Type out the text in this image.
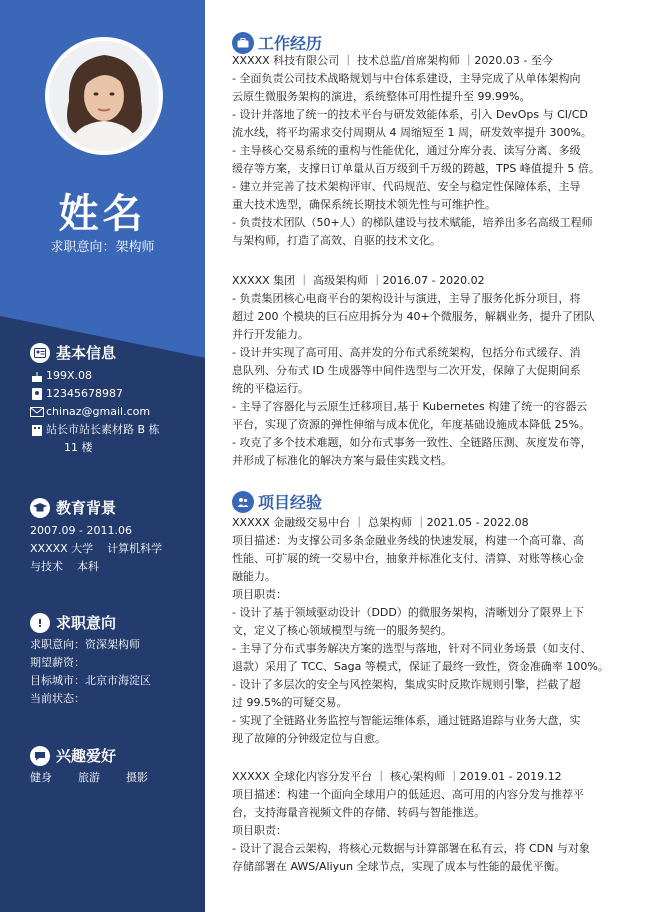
姓名
求职意向：架构师
基本信息
199X.08
12345678987
chinaz@gmail.com
站长市站长素材路 B 栋
11 楼
教育背景
2007.09 - 2011.06
XXXXX 大学    计算机科学
与技术    本科
求职意向
求职意向：资深架构师
期望薪资：
目标城市：北京市海淀区
当前状态：
兴趣爱好
健身 旅游 摄影
工作经历

XXXXX 科技有限公司 ｜ 技术总监/首席架构师 ｜2020.03 - 至今

- 全面负责公司技术战略规划与中台体系建设，主导完成了从单体架构向

云原生微服务架构的演进，系统整体可用性提升至 99.99%。

- 设计并落地了统一的技术平台与研发效能体系，引入 DevOps 与 CI/CD

流水线，将平均需求交付周期从 4 周缩短至 1 周，研发效率提升 300%。

- 主导核心交易系统的重构与性能优化，通过分库分表、读写分离、多级

缓存等方案，支撑日订单量从百万级到千万级的跨越，TPS 峰值提升 5 倍。

- 建立并完善了技术架构评审、代码规范、安全与稳定性保障体系，主导

重大技术选型，确保系统长期技术领先性与可维护性。

- 负责技术团队（50+人）的梯队建设与技术赋能，培养出多名高级工程师

与架构师，打造了高效、自驱的技术文化。

XXXXX 集团 ｜ 高级架构师 ｜2016.07 - 2020.02

- 负责集团核心电商平台的架构设计与演进，主导了服务化拆分项目，将

超过 200 个模块的巨石应用拆分为 40+个微服务，解耦业务，提升了团队

并行开发能力。

- 设计并实现了高可用、高并发的分布式系统架构，包括分布式缓存、消

息队列、分布式 ID 生成器等中间件选型与二次开发，保障了大促期间系

统的平稳运行。

- 主导了容器化与云原生迁移项目,基于 Kubernetes 构建了统一的容器云

平台，实现了资源的弹性伸缩与成本优化，年度基础设施成本降低 25%。

- 攻克了多个技术难题，如分布式事务一致性、全链路压测、灰度发布等，

并形成了标准化的解决方案与最佳实践文档。

项目经验

XXXXX 金融级交易中台 ｜ 总架构师 ｜2021.05 - 2022.08

项目描述：为支撑公司多条金融业务线的快速发展，构建一个高可靠、高

性能、可扩展的统一交易中台，抽象并标准化支付、清算、对账等核心金

融能力。

项目职责：

- 设计了基于领域驱动设计（DDD）的微服务架构，清晰划分了限界上下

文，定义了核心领域模型与统一的服务契约。

- 主导了分布式事务解决方案的选型与落地，针对不同业务场景（如支付、

退款）采用了 TCC、Saga 等模式，保证了最终一致性，资金准确率 100%。

- 设计了多层次的安全与风控架构，集成实时反欺诈规则引擎，拦截了超

过 99.5%的可疑交易。

- 实现了全链路业务监控与智能运维体系，通过链路追踪与业务大盘，实

现了故障的分钟级定位与自愈。

XXXXX 全球化内容分发平台 ｜ 核心架构师 ｜2019.01 - 2019.12

项目描述：构建一个面向全球用户的低延迟、高可用的内容分发与推荐平

台，支持海量音视频文件的存储、转码与智能推送。

项目职责：

- 设计了混合云架构，将核心元数据与计算部署在私有云，将 CDN 与对象

存储部署在 AWS/Aliyun 全球节点，实现了成本与性能的最优平衡。
